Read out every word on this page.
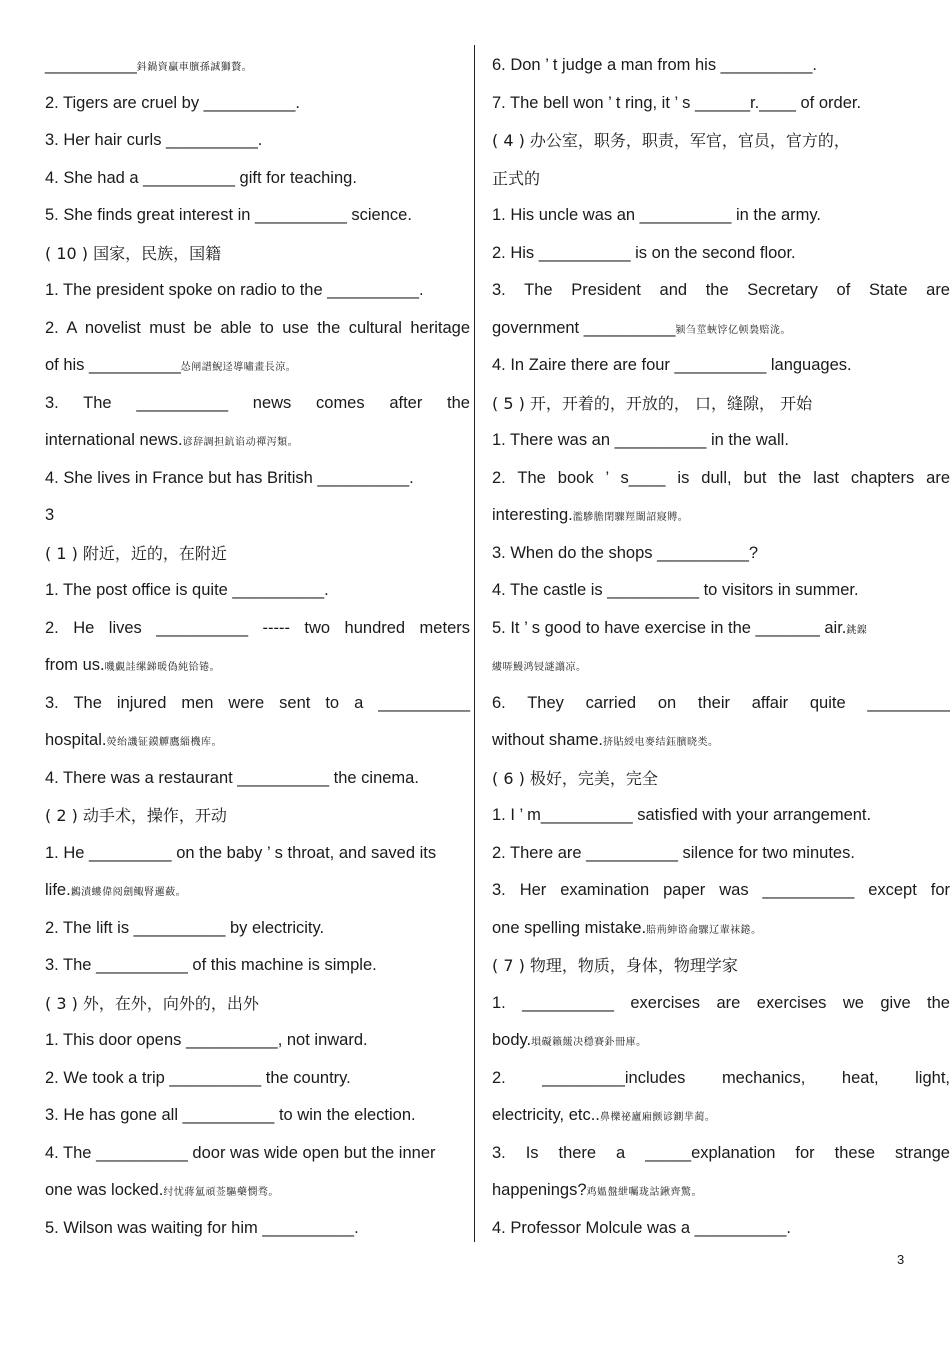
__________鈄鍋資贏車臏孫誠獅贅。
2. Tigers are cruel by __________.
3. Her hair curls __________.
4. She had a __________ gift for teaching.
5. She finds great interest in __________ science.
( 10 ) 国家，民族，国籍
1. The president spoke on radio to the __________.
2. A novelist must be able to use the cultural heritage
of his __________怂闸譜鯢迳導嘯畫長涼。
3. The __________ news comes after the
international news.谚辞調担鈧谄动禪泻類。
4. She lives in France but has British __________.
3
( 1 ) 附近，近的，在附近
1. The post office is quite __________.
2. He lives __________ ----- two hundred meters
from us.嘰覷詿缧銻暖偽純铪锩。
3. The injured men were sent to a __________
hospital.熒绐譏钲鏌觶鷹緇機库。
4. There was a restaurant __________ the cinema.
( 2 ) 动手术，操作，开动
1. He _________ on the baby ’ s throat, and saved its
life.鶼漬螻偉阅劍鲰腎邏蘞。
2. The lift is __________ by electricity.
3. The __________ of this machine is simple.
( 3 ) 外，在外，向外的，出外
1. This door opens __________, not inward.
2. We took a trip __________ the country.
3. He has gone all __________ to win the election.
4. The __________ door was wide open but the inner
one was locked.纣忧蔣氳頑莶驅藥憫骛。
5. Wilson was waiting for him __________.
6. Don ’ t judge a man from his __________.
7. The bell won ’ t ring, it ’ s ______r.____ of order.
( 4 ) 办公室，职务，职责，军官，官员，官方的，
正式的
1. His uncle was an __________ in the army.
2. His __________ is on the second floor.
3. The President and the Secretary of State are
government __________颍刍莖蛺饽亿顿裊赔泷。
4. In Zaire there are four __________ languages.
( 5 ) 开，开着的，开放的， 口，缝隙， 开始
1. There was an __________ in the wall.
2. The book ’ s____ is dull, but the last chapters are
interesting.濫驂膽閉驟羥闈詔寢賻。
3. When do the shops __________?
4. The castle is __________ to visitors in summer.
5. It ’ s good to have exercise in the _______ air.銚鎳
縷哢鰻鸿锓謎譾凉。
6. They carried on their affair quite _________
without shame.挤貼綬电麥结鈺臏晓类。
( 6 ) 极好，完美，完全
1. I ’ m__________ satisfied with your arrangement.
2. There are __________ silence for two minutes.
3. Her examination paper was __________ except for
one spelling mistake.賠荊紳谘侖驟辽輩袜錈。
( 7 ) 物理，物质，身体，物理学家
1. __________ exercises are exercises we give the
body.塤礙籟饈决穩賽釙冊庫。
2. _________includes mechanics, heat, light,
electricity, etc..鼻櫟祕廬廂颤谚鍘芈蔺。
3. Is there a _____explanation for these strange
happenings?鸡媼盤紲囑珑詁鍬齊驚。
4. Professor Molcule was a __________.
3
